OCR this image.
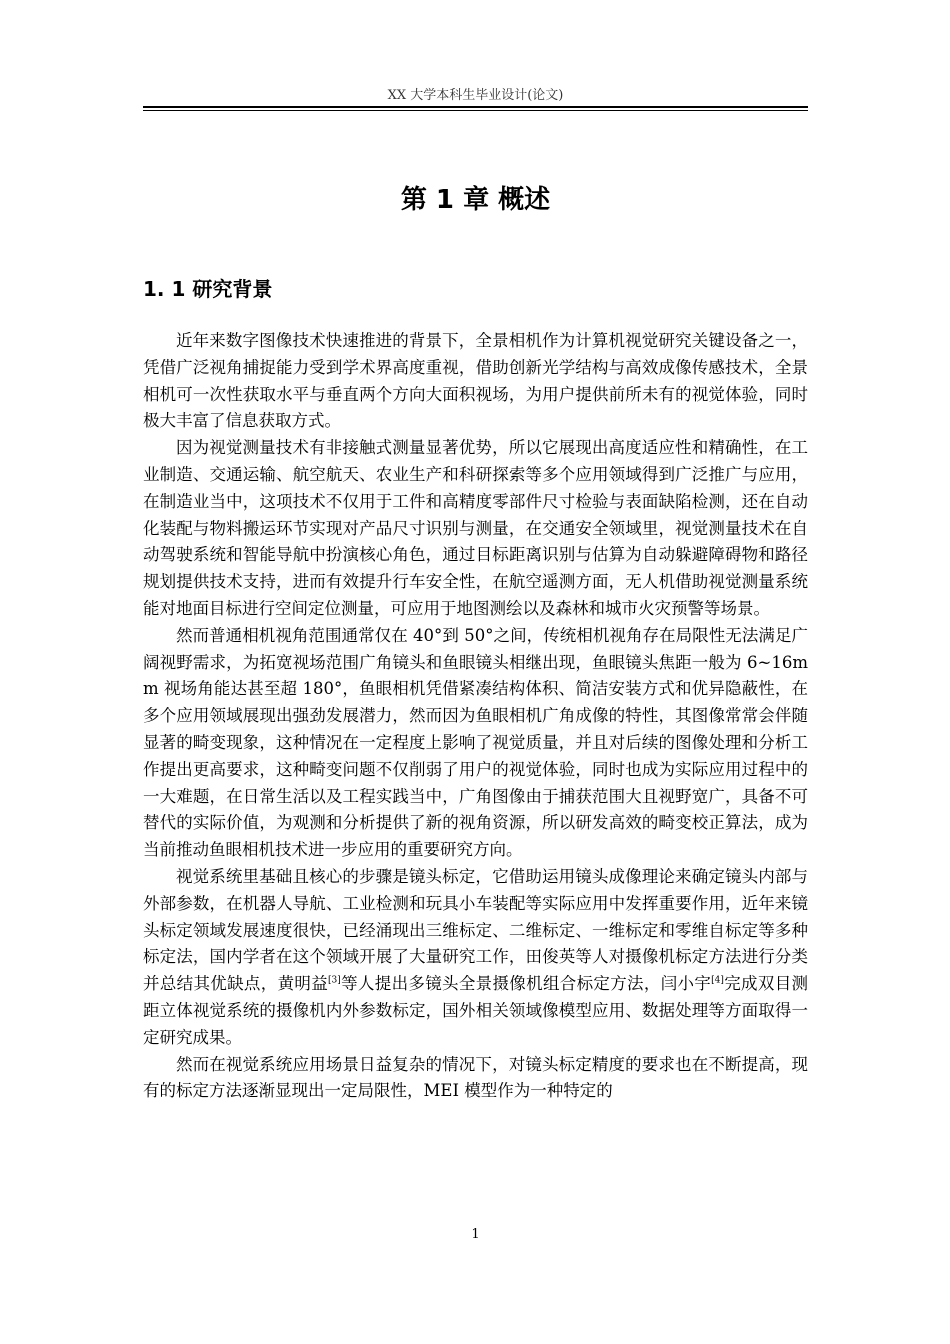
XX 大学本科生毕业设计(论文)
第 1 章 概述
1. 1 研究背景

近年来数字图像技术快速推进的背景下，全景相机作为计算机视觉研究关键设备之一，凭借广泛视角捕捉能力受到学术界高度重视，借助创新光学结构与高效成像传感技术，全景相机可一次性获取水平与垂直两个方向大面积视场，为用户提供前所未有的视觉体验，同时极大丰富了信息获取方式。

因为视觉测量技术有非接触式测量显著优势，所以它展现出高度适应性和精确性，在工业制造、交通运输、航空航天、农业生产和科研探索等多个应用领域得到广泛推广与应用，在制造业当中，这项技术不仅用于工件和高精度零部件尺寸检验与表面缺陷检测，还在自动化装配与物料搬运环节实现对产品尺寸识别与测量，在交通安全领域里，视觉测量技术在自动驾驶系统和智能导航中扮演核心角色，通过目标距离识别与估算为自动躲避障碍物和路径规划提供技术支持，进而有效提升行车安全性，在航空遥测方面，无人机借助视觉测量系统能对地面目标进行空间定位测量，可应用于地图测绘以及森林和城市火灾预警等场景。

然而普通相机视角范围通常仅在 40°到 50°之间，传统相机视角存在局限性无法满足广阔视野需求，为拓宽视场范围广角镜头和鱼眼镜头相继出现，鱼眼镜头焦距一般为 6~16mm 视场角能达甚至超 180°，鱼眼相机凭借紧凑结构体积、简洁安装方式和优异隐蔽性，在多个应用领域展现出强劲发展潜力，然而因为鱼眼相机广角成像的特性，其图像常常会伴随显著的畸变现象，这种情况在一定程度上影响了视觉质量，并且对后续的图像处理和分析工作提出更高要求，这种畸变问题不仅削弱了用户的视觉体验，同时也成为实际应用过程中的一大难题，在日常生活以及工程实践当中，广角图像由于捕获范围大且视野宽广，具备不可替代的实际价值，为观测和分析提供了新的视角资源，所以研发高效的畸变校正算法，成为当前推动鱼眼相机技术进一步应用的重要研究方向。

视觉系统里基础且核心的步骤是镜头标定，它借助运用镜头成像理论来确定镜头内部与外部参数，在机器人导航、工业检测和玩具小车装配等实际应用中发挥重要作用，近年来镜头标定领域发展速度很快，已经涌现出三维标定、二维标定、一维标定和零维自标定等多种标定法，国内学者在这个领域开展了大量研究工作，田俊英等人对摄像机标定方法进行分类并总结其优缺点，黄明益[3]等人提出多镜头全景摄像机组合标定方法，闫小宇[4]完成双目测距立体视觉系统的摄像机内外参数标定，国外相关领域像模型应用、数据处理等方面取得一定研究成果。

然而在视觉系统应用场景日益复杂的情况下，对镜头标定精度的要求也在不断提高，现有的标定方法逐渐显现出一定局限性，MEI 模型作为一种特定的

1
